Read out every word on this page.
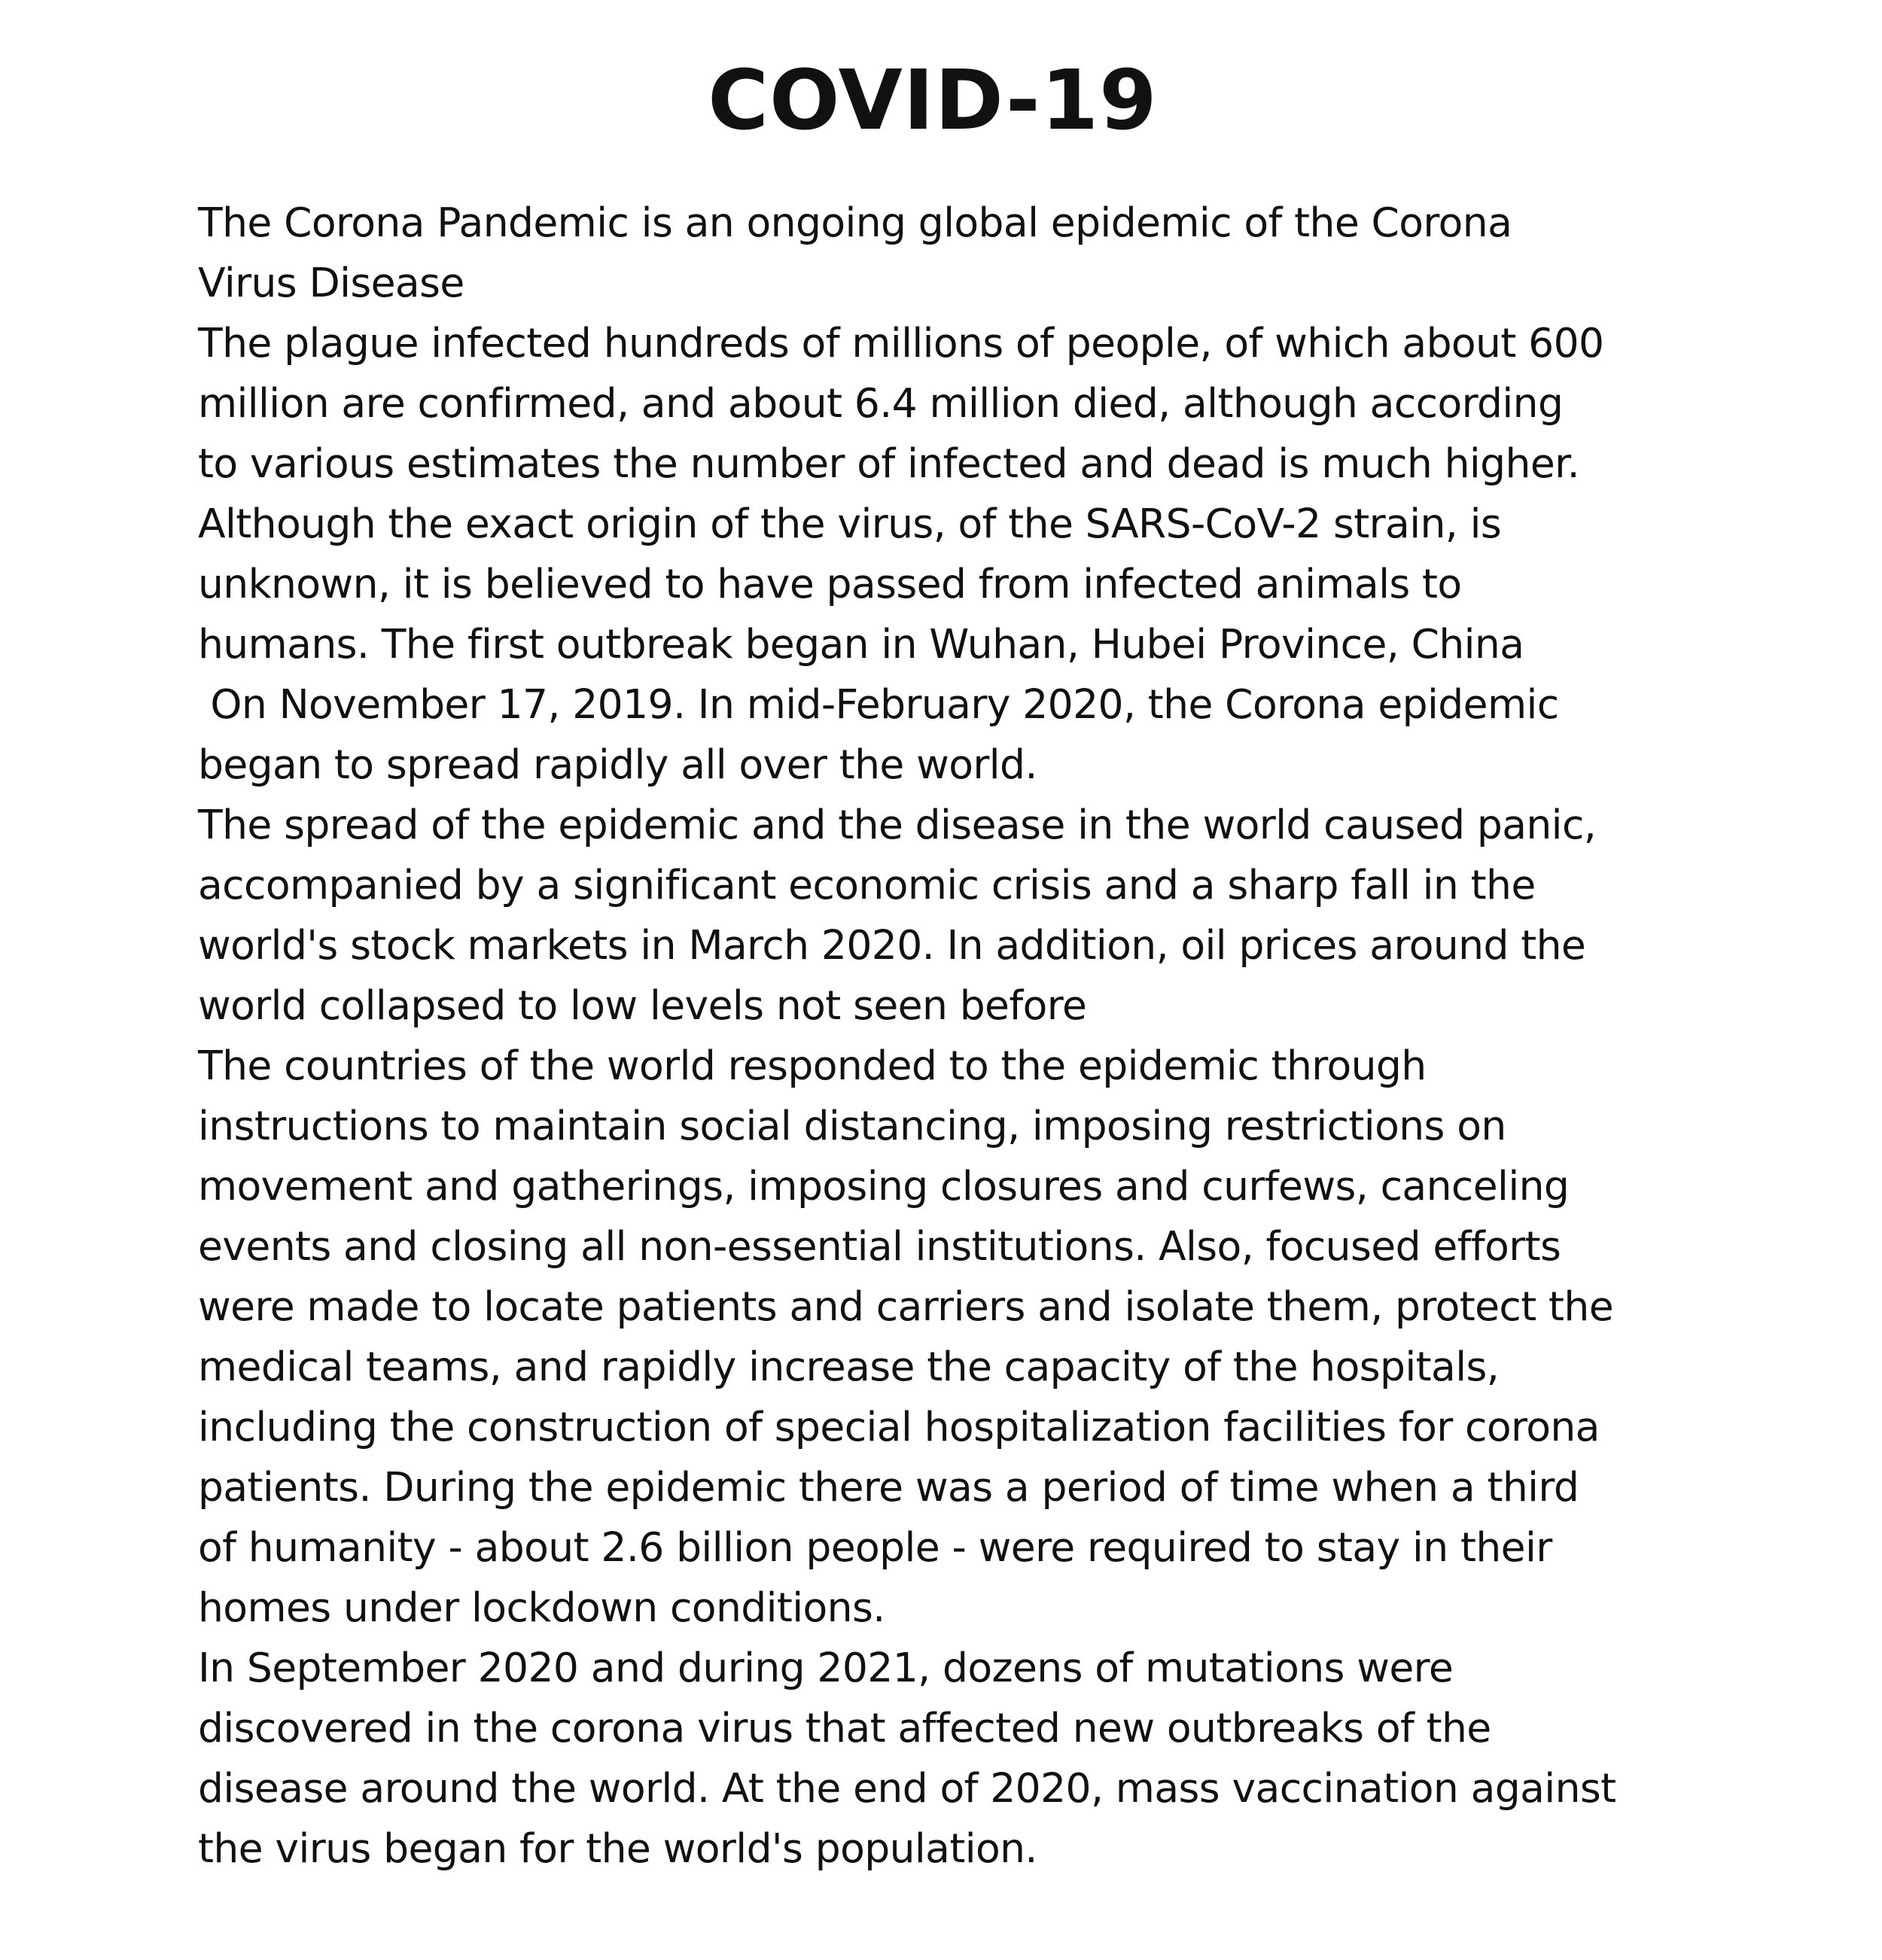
COVID-19
The Corona Pandemic is an ongoing global epidemic of the Corona
Virus Disease
The plague infected hundreds of millions of people, of which about 600
million are confirmed, and about 6.4 million died, although according
to various estimates the number of infected and dead is much higher.
Although the exact origin of the virus, of the SARS-CoV-2 strain, is
unknown, it is believed to have passed from infected animals to
humans. The first outbreak began in Wuhan, Hubei Province, China
On November 17, 2019. In mid-February 2020, the Corona epidemic
began to spread rapidly all over the world.
The spread of the epidemic and the disease in the world caused panic,
accompanied by a significant economic crisis and a sharp fall in the
world's stock markets in March 2020. In addition, oil prices around the
world collapsed to low levels not seen before
The countries of the world responded to the epidemic through
instructions to maintain social distancing, imposing restrictions on
movement and gatherings, imposing closures and curfews, canceling
events and closing all non-essential institutions. Also, focused efforts
were made to locate patients and carriers and isolate them, protect the
medical teams, and rapidly increase the capacity of the hospitals,
including the construction of special hospitalization facilities for corona
patients. During the epidemic there was a period of time when a third
of humanity - about 2.6 billion people - were required to stay in their
homes under lockdown conditions.
In September 2020 and during 2021, dozens of mutations were
discovered in the corona virus that affected new outbreaks of the
disease around the world. At the end of 2020, mass vaccination against
the virus began for the world's population.
